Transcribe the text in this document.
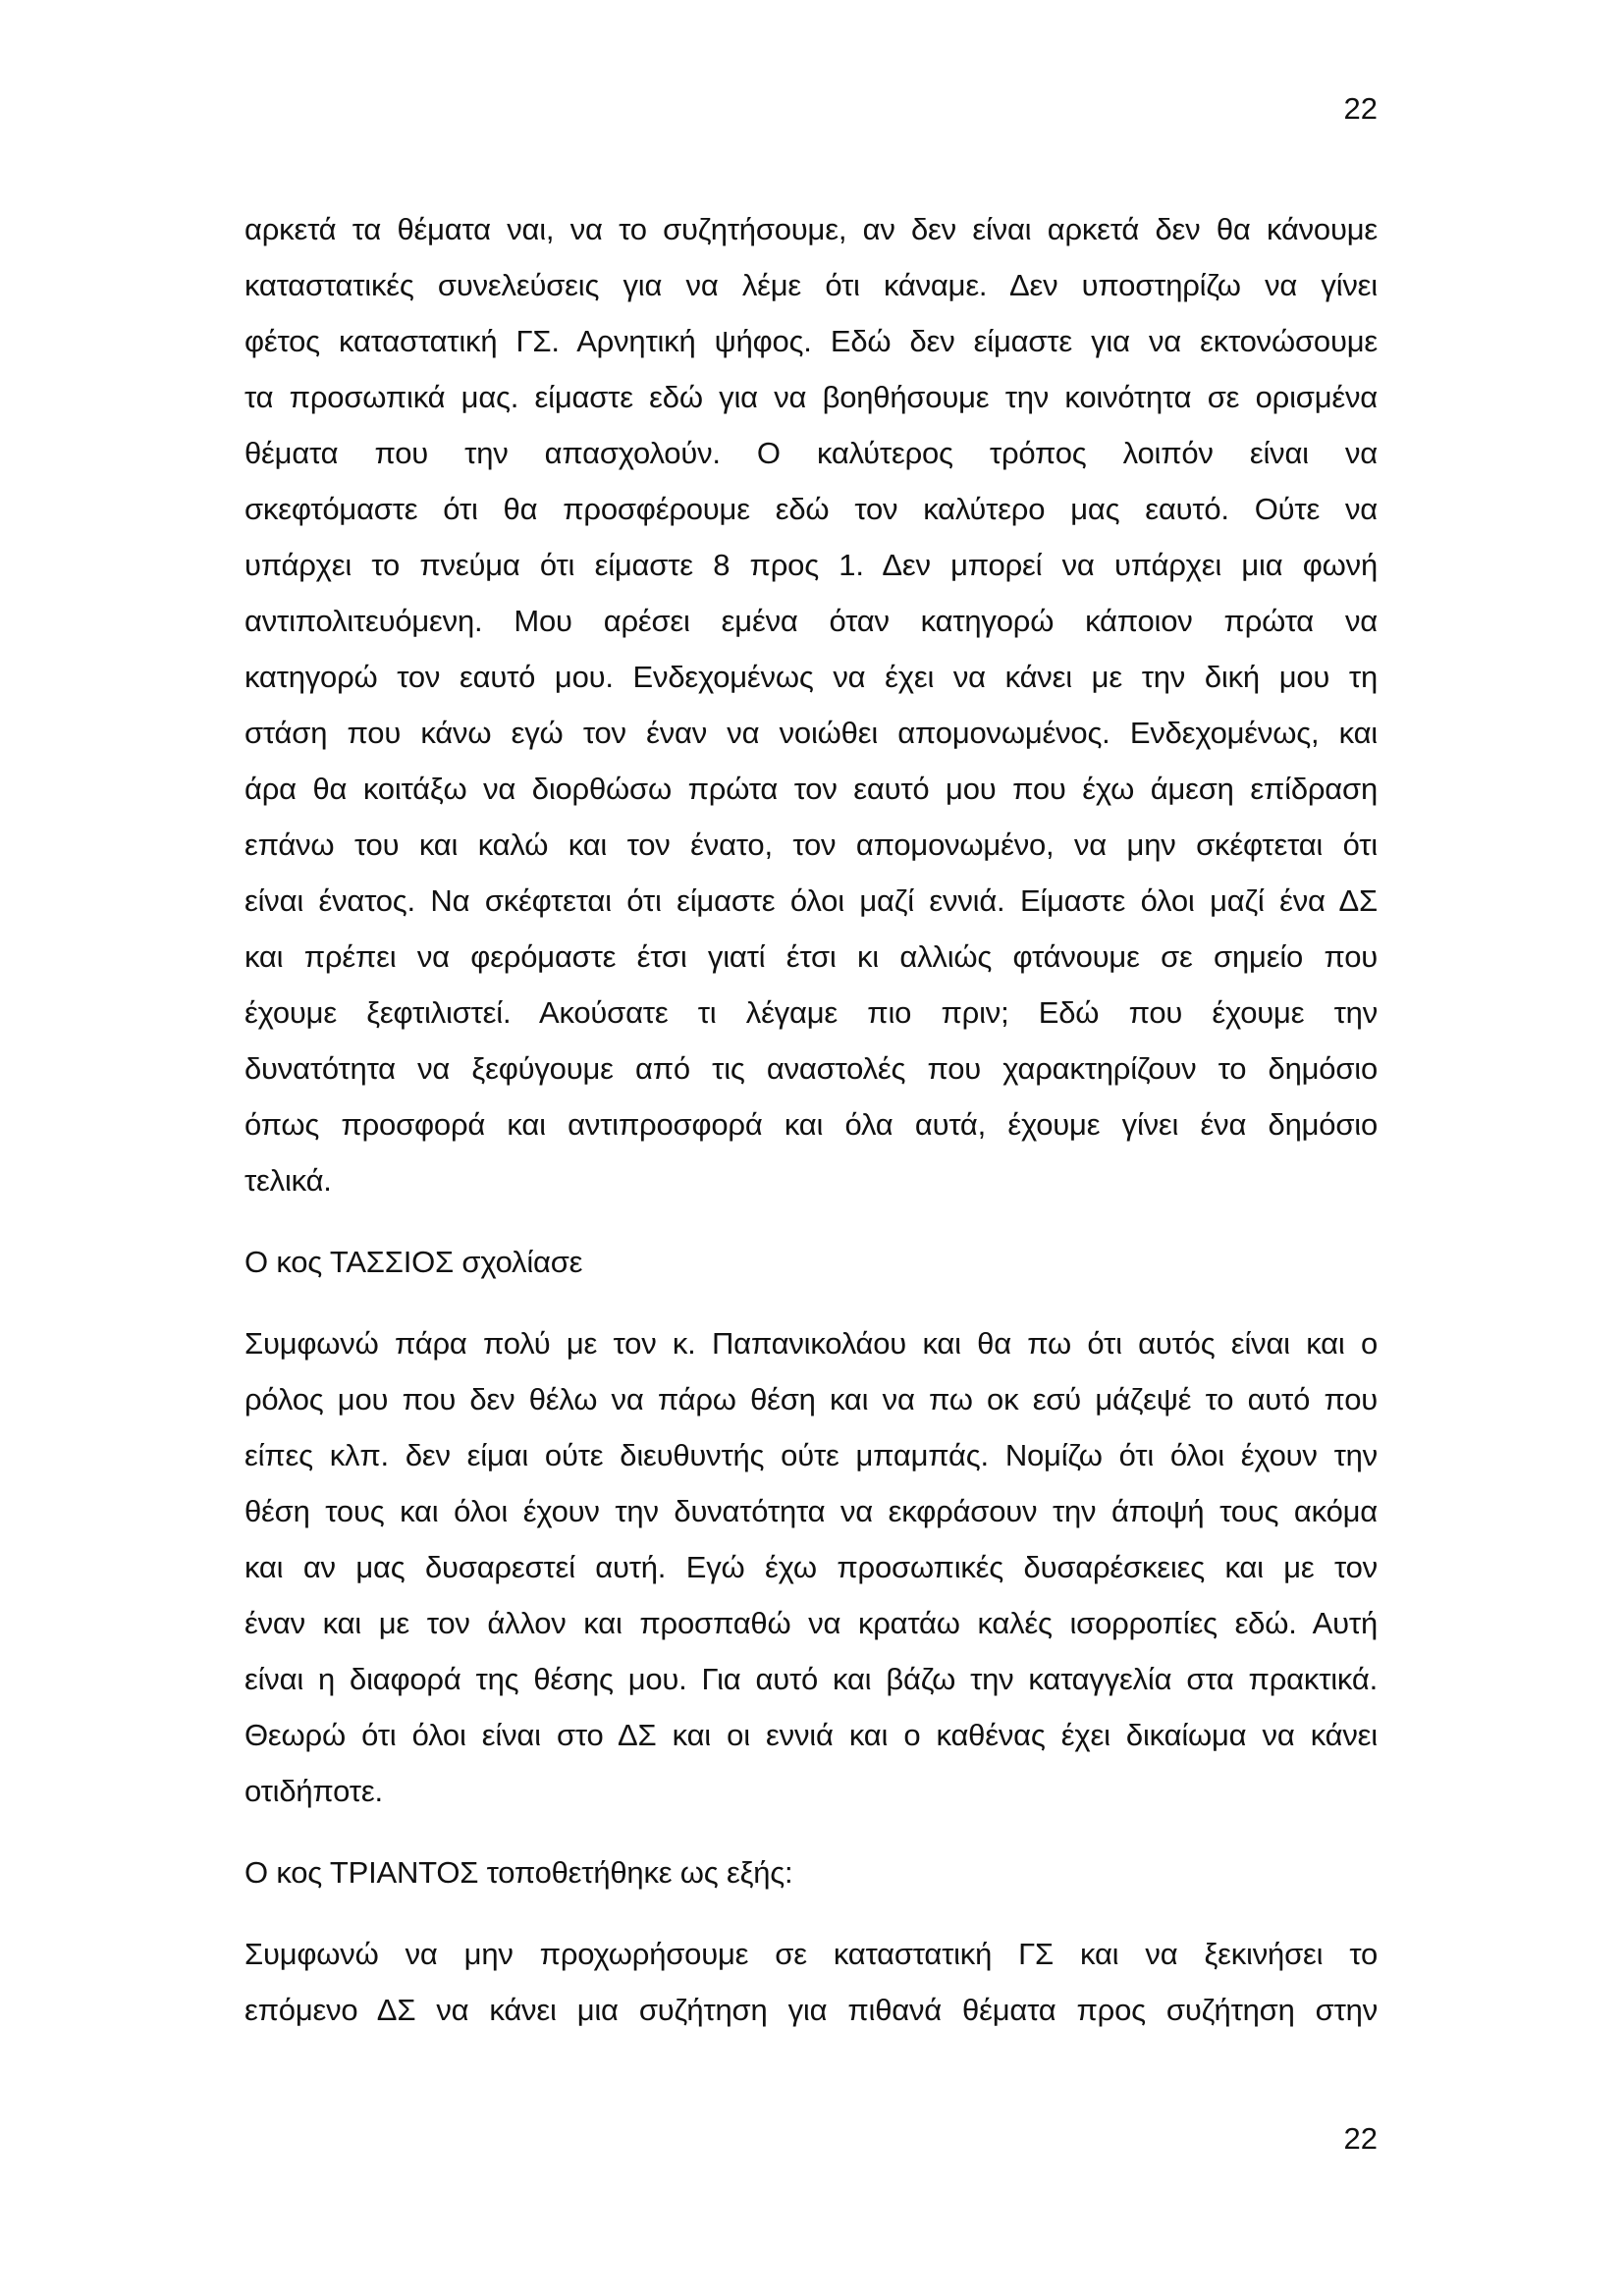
22
αρκετά τα θέματα ναι, να το συζητήσουμε, αν δεν είναι αρκετά δεν θα κάνουμε
καταστατικές συνελεύσεις για να λέμε ότι κάναμε. Δεν υποστηρίζω να γίνει
φέτος καταστατική ΓΣ. Αρνητική ψήφος. Εδώ δεν είμαστε για να εκτονώσουμε
τα προσωπικά μας. είμαστε εδώ για να βοηθήσουμε την κοινότητα σε ορισμένα
θέματα που την απασχολούν. Ο καλύτερος τρόπος λοιπόν είναι να
σκεφτόμαστε ότι θα προσφέρουμε εδώ τον καλύτερο μας εαυτό. Ούτε να
υπάρχει το πνεύμα ότι είμαστε 8 προς 1. Δεν μπορεί να υπάρχει μια φωνή
αντιπολιτευόμενη. Μου αρέσει εμένα όταν κατηγορώ κάποιον πρώτα να
κατηγορώ τον εαυτό μου. Ενδεχομένως να έχει να κάνει με την δική μου τη
στάση που κάνω εγώ τον έναν να νοιώθει απομονωμένος. Ενδεχομένως, και
άρα θα κοιτάξω να διορθώσω πρώτα τον εαυτό μου που έχω άμεση επίδραση
επάνω του και καλώ και τον ένατο, τον απομονωμένο, να μην σκέφτεται ότι
είναι ένατος. Να σκέφτεται ότι είμαστε όλοι μαζί εννιά. Είμαστε όλοι μαζί ένα ΔΣ
και πρέπει να φερόμαστε έτσι γιατί έτσι κι αλλιώς φτάνουμε σε σημείο που
έχουμε ξεφτιλιστεί. Ακούσατε τι λέγαμε πιο πριν; Εδώ που έχουμε την
δυνατότητα να ξεφύγουμε από τις αναστολές που χαρακτηρίζουν το δημόσιο
όπως προσφορά και αντιπροσφορά και όλα αυτά, έχουμε γίνει ένα δημόσιο
τελικά.
Ο κος ΤΑΣΣΙΟΣ σχολίασε
Συμφωνώ πάρα πολύ με τον κ. Παπανικολάου και θα πω ότι αυτός είναι και ο
ρόλος μου που δεν θέλω να πάρω θέση και να πω οκ εσύ μάζεψέ το αυτό που
είπες κλπ. δεν είμαι ούτε διευθυντής ούτε μπαμπάς. Νομίζω ότι όλοι έχουν την
θέση τους και όλοι έχουν την δυνατότητα να εκφράσουν την άποψή τους ακόμα
και αν μας δυσαρεστεί αυτή. Εγώ έχω προσωπικές δυσαρέσκειες και με τον
έναν και με τον άλλον και προσπαθώ να κρατάω καλές ισορροπίες εδώ. Αυτή
είναι η διαφορά της θέσης μου. Για αυτό και βάζω την καταγγελία στα πρακτικά.
Θεωρώ ότι όλοι είναι στο ΔΣ και οι εννιά και ο καθένας έχει δικαίωμα να κάνει
οτιδήποτε.
Ο κος ΤΡΙΑΝΤΟΣ τοποθετήθηκε ως εξής:
Συμφωνώ να μην προχωρήσουμε σε καταστατική ΓΣ και να ξεκινήσει το
επόμενο ΔΣ να κάνει μια συζήτηση για πιθανά θέματα προς συζήτηση στην
22
